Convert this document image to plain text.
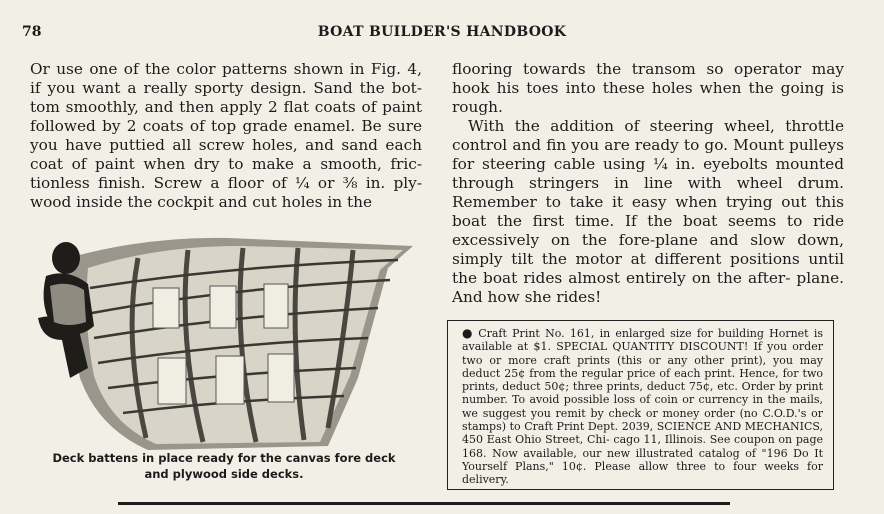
78	BOAT BUILDER'S HANDBOOK

Or use one of the color patterns shown in Fig. 4, if you want a really sporty design. Sand the bot- tom smoothly, and then apply 2 flat coats of paint followed by 2 coats of top grade enamel. Be sure you have puttied all screw holes, and sand each coat of paint when dry to make a smooth, fric- tionless finish. Screw a floor of ¼ or ⅜ in. ply- wood inside the cockpit and cut holes in the

flooring towards the transom so operator may hook his toes into these holes when the going is rough.

With the addition of steering wheel, throttle control and fin you are ready to go. Mount pulleys for steering cable using ¼ in. eyebolts mounted through stringers in line with wheel drum. Remember to take it easy when trying out this boat the first time. If the boat seems to ride excessively on the fore-plane and slow down, simply tilt the motor at different positions until the boat rides almost entirely on the after- plane. And how she rides!

Deck battens in place ready for the canvas fore deck
and plywood side decks.
● Craft Print No. 161, in enlarged size for building Hornet is available at $1. SPECIAL QUANTITY DISCOUNT! If you order two or more craft prints (this or any other print), you may deduct 25¢ from the regular price of each print. Hence, for two prints, deduct 50¢; three prints, deduct 75¢, etc. Order by print number. To avoid possible loss of coin or currency in the mails, we suggest you remit by check or money order (no C.O.D.'s or stamps) to Craft Print Dept. 2039, SCIENCE AND MECHANICS, 450 East Ohio Street, Chi- cago 11, Illinois. See coupon on page 168. Now available, our new illustrated catalog of "196 Do It Yourself Plans," 10¢. Please allow three to four weeks for delivery.
